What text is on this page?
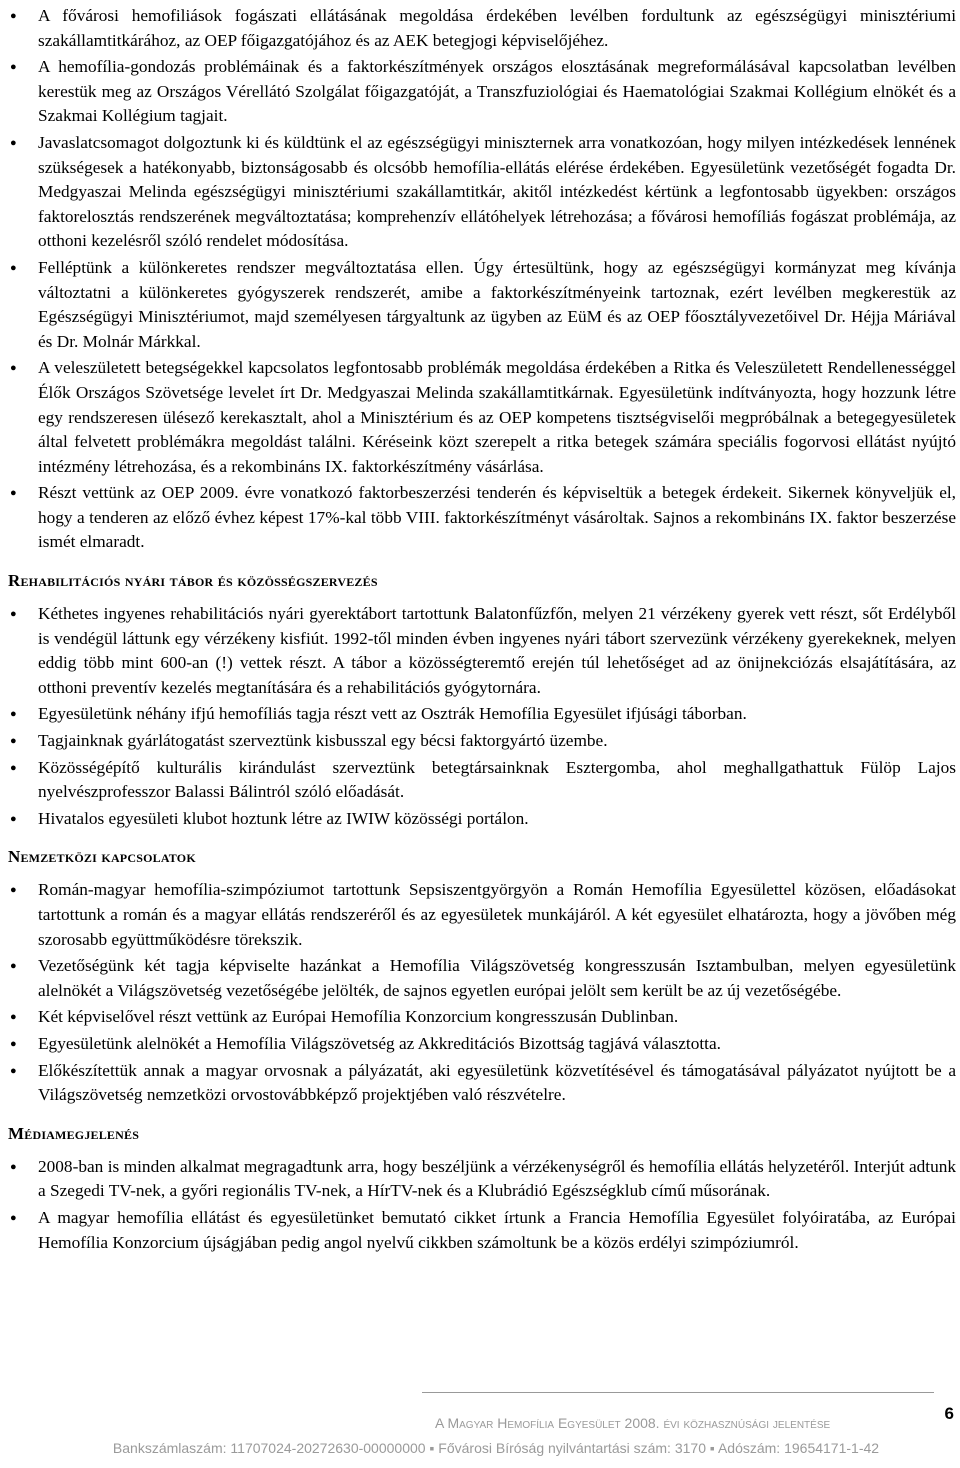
●	A fővárosi hemofiliások fogászati ellátásának megoldása érdekében levélben fordultunk az egészségügyi minisztériumi szakállamtitkárához, az OEP főigazgatójához és az AEK betegjogi képviselőjéhez.
●	A hemofília-gondozás problémáinak és a faktorkészítmények országos elosztásának megreformálásával kapcsolatban levélben kerestük meg az Országos Vérellátó Szolgálat főigazgatóját, a Transzfuziológiai és Haematológiai Szakmai Kollégium elnökét és a Szakmai Kollégium tagjait.
●	Javaslatcsomagot dolgoztunk ki és küldtünk el az egészségügyi miniszternek arra vonatkozóan, hogy milyen intézkedések lennének szükségesek a hatékonyabb, biztonságosabb és olcsóbb hemofília-ellátás elérése érdekében. Egyesületünk vezetőségét fogadta Dr. Medgyaszai Melinda egészségügyi minisztériumi szakállamtitkár, akitől intézkedést kértünk a legfontosabb ügyekben: országos faktorelosztás rendszerének megváltoztatása; komprehenzív ellátóhelyek létrehozása; a fővárosi hemofíliás fogászat problémája, az otthoni kezelésről szóló rendelet módosítása.
●	Felléptünk a különkeretes rendszer megváltoztatása ellen. Úgy értesültünk, hogy az egészségügyi kormányzat meg kívánja változtatni a különkeretes gyógyszerek rendszerét, amibe a faktorkészítményeink tartoznak, ezért levélben megkerestük az Egészségügyi Minisztériumot, majd személyesen tárgyaltunk az ügyben az EüM és az OEP főosztályvezetőivel Dr. Héjja Máriával és Dr. Molnár Márkkal.
●	A veleszületett betegségekkel kapcsolatos legfontosabb problémák megoldása érdekében a Ritka és Veleszületett Rendellenességgel Élők Országos Szövetsége levelet írt Dr. Medgyaszai Melinda szakállamtitkárnak. Egyesületünk indítványozta, hogy hozzunk létre egy rendszeresen ülésező kerekasztalt, ahol a Minisztérium és az OEP kompetens tisztségviselői megpróbálnak a betegegyesületek által felvetett problémákra megoldást találni. Kéréseink közt szerepelt a ritka betegek számára speciális fogorvosi ellátást nyújtó intézmény létrehozása, és a rekombináns IX. faktorkészítmény vásárlása.
●	Részt vettünk az OEP 2009. évre vonatkozó faktorbeszerzési tenderén és képviseltük a betegek érdekeit. Sikernek könyveljük el, hogy a tenderen az előző évhez képest 17%-kal több VIII. faktorkészítményt vásároltak. Sajnos a rekombináns IX. faktor beszerzése ismét elmaradt.
Rehabilitációs nyári tábor és közösségszervezés
●	Kéthetes ingyenes rehabilitációs nyári gyerektábort tartottunk Balatonfűzfőn, melyen 21 vérzékeny gyerek vett részt, sőt Erdélyből is vendégül láttunk egy vérzékeny kisfiút. 1992-től minden évben ingyenes nyári tábort szervezünk vérzékeny gyerekeknek, melyen eddig több mint 600-an (!) vettek részt. A tábor a közösségteremtő erején túl lehetőséget ad az önijnekciózás elsajátítására, az otthoni preventív kezelés megtanítására és a rehabilitációs gyógytornára.
●	Egyesületünk néhány ifjú hemofíliás tagja részt vett az Osztrák Hemofília Egyesület ifjúsági táborban.
●	Tagjainknak gyárlátogatást szerveztünk kisbusszal egy bécsi faktorgyártó üzembe.
●	Közösségépítő kulturális kirándulást szerveztünk betegtársainknak Esztergomba, ahol meghallgathattuk Fülöp Lajos nyelvészprofesszor Balassi Bálintról szóló előadását.
●	Hivatalos egyesületi klubot hoztunk létre az IWIW közösségi portálon.
Nemzetközi kapcsolatok
●	Román-magyar hemofília-szimpóziumot tartottunk Sepsiszentgyörgyön a Román Hemofília Egyesülettel közösen, előadásokat tartottunk a román és a magyar ellátás rendszeréről és az egyesületek munkájáról. A két egyesület elhatározta, hogy a jövőben még szorosabb együttműködésre törekszik.
●	Vezetőségünk két tagja képviselte hazánkat a Hemofília Világszövetség kongresszusán Isztambulban, melyen egyesületünk alelnökét a Világszövetség vezetőségébe jelölték, de sajnos egyetlen európai jelölt sem került be az új vezetőségébe.
●	Két képviselővel részt vettünk az Európai Hemofília Konzorcium kongresszusán Dublinban.
●	Egyesületünk alelnökét a Hemofília Világszövetség az Akkreditációs Bizottság tagjává választotta.
●	Előkészítettük annak a magyar orvosnak a pályázatát, aki egyesületünk közvetítésével és támogatásával pályázatot nyújtott be a Világszövetség nemzetközi orvostovábbképző projektjében való részvételre.
Médiamegjelenés
●	2008-ban is minden alkalmat megragadtunk arra, hogy beszéljünk a vérzékenységről és hemofília ellátás helyzetéről. Interjút adtunk a Szegedi TV-nek, a győri regionális TV-nek, a HírTV-nek és a Klubrádió Egészségklub című műsorának.
●	A magyar hemofília ellátást és egyesületünket bemutató cikket írtunk a Francia Hemofília Egyesület folyóiratába, az Európai Hemofília Konzorcium újságjában pedig angol nyelvű cikkben számoltunk be a közös erdélyi szimpóziumról.
A Magyar Hemofília Egyesület 2008. évi közhasznúsági jelentése
Bankszámlaszám: 11707024-20272630-00000000 ▪ Fővárosi Bíróság nyilvántartási szám: 3170 ▪ Adószám: 19654171-1-42
6
